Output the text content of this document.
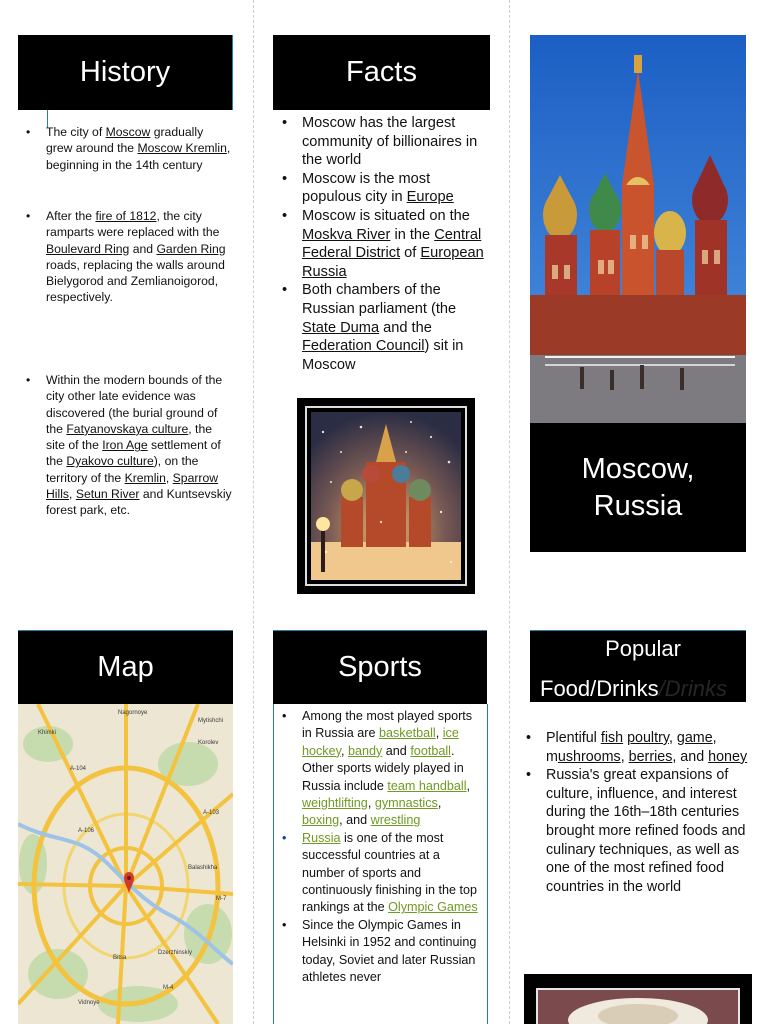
History
• The city of Moscow gradually grew around the Moscow Kremlin, beginning in the 14th century
• After the fire of 1812, the city ramparts were replaced with the Boulevard Ring and Garden Ring roads, replacing the walls around Bielygorod and Zemlianoigorod, respectively.
• Within the modern bounds of the city other late evidence was discovered (the burial ground of the Fatyanovskaya culture, the site of the Iron Age settlement of the Dyakovo culture), on the territory of the Kremlin, Sparrow Hills, Setun River and Kuntsevskiy forest park, etc.
Facts
• Moscow has the largest community of billionaires in the world
• Moscow is the most populous city in Europe
• Moscow is situated on the Moskva River in the Central Federal District of European Russia
• Both chambers of the Russian parliament (the State Duma and the Federation Council) sit in Moscow
Moscow,
Russia
Map
Nagornoye
A-104
Mytishchi
Khimki
Korolev
A-103
M-7
Balashikha
A-106
M-4
Vidnoye
Bitsa
Dzerzhinskiy
Sports
• Among the most played sports in Russia are basketball, ice hockey, bandy and football. Other sports widely played in Russia include team handball, weightlifting, gymnastics, boxing, and wrestling
• Russia is one of the most successful countries at a number of sports and continuously finishing in the top rankings at the Olympic Games
• Since the Olympic Games in Helsinki in 1952 and continuing today, Soviet and later Russian athletes never
Popular
Food/Drinks/Drinks
• Plentiful fish poultry, game, mushrooms, berries, and honey
• Russia's great expansions of culture, influence, and interest during the 16th–18th centuries brought more refined foods and culinary techniques, as well as one of the most refined food countries in the world
